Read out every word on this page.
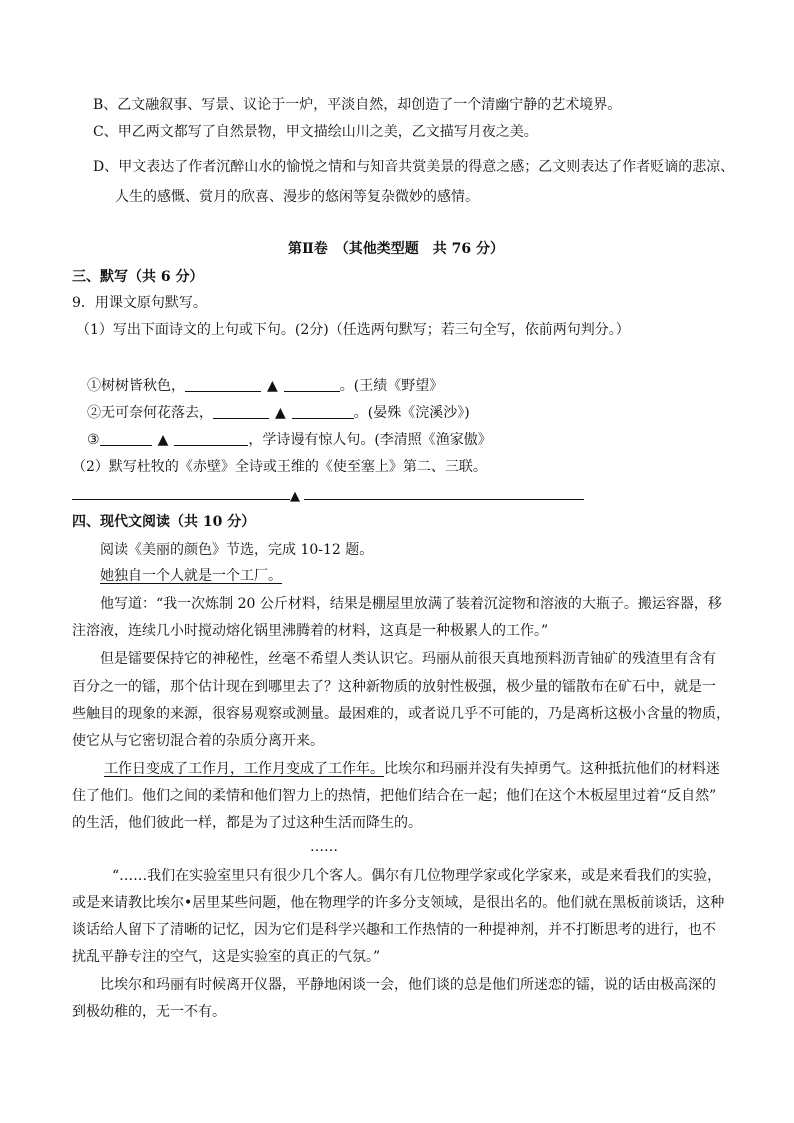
B、乙文融叙事、写景、议论于一炉，平淡自然，却创造了一个清幽宁静的艺术境界。
C、甲乙两文都写了自然景物，甲文描绘山川之美，乙文描写月夜之美。
D、甲文表达了作者沉醉山水的愉悦之情和与知音共赏美景的得意之感；乙文则表达了作者贬谪的悲凉、
人生的感慨、赏月的欣喜、漫步的悠闲等复杂微妙的感情。
第Ⅱ卷　（其他类型题　共 76 分）
三、默写（共 6 分）
9．用课文原句默写。
（1）写出下面诗文的上句或下句。(2分)（任选两句默写；若三句全写，依前两句判分。）
①树树皆秋色，	▲	。(王绩《野望》
②无可奈何花落去，	▲	。(晏殊《浣溪沙》)
③	▲	，学诗谩有惊人句。(李清照《渔家傲》
（2）默写杜牧的《赤壁》全诗或王维的《使至塞上》第二、三联。
▲
四、现代文阅读（共 10 分）
阅读《美丽的颜色》节选，完成 10-12 题。
她独自一个人就是一个工厂。
他写道：“我一次炼制 20 公斤材料，结果是棚屋里放满了装着沉淀物和溶液的大瓶子。搬运容器，移
注溶液，连续几小时搅动熔化锅里沸腾着的材料，这真是一种极累人的工作。”
但是镭要保持它的神秘性，丝毫不希望人类认识它。玛丽从前很天真地预料沥青铀矿的残渣里有含有
百分之一的镭，那个估计现在到哪里去了？这种新物质的放射性极强，极少量的镭散布在矿石中，就是一
些触目的现象的来源，很容易观察或测量。最困难的，或者说几乎不可能的，乃是离析这极小含量的物质，
使它从与它密切混合着的杂质分离开来。
工作日变成了工作月，工作月变成了工作年。比埃尔和玛丽并没有失掉勇气。这种抵抗他们的材料迷
住了他们。他们之间的柔情和他们智力上的热情，把他们结合在一起；他们在这个木板屋里过着“反自然”
的生活，他们彼此一样，都是为了过这种生活而降生的。
……
“……我们在实验室里只有很少几个客人。偶尔有几位物理学家或化学家来，或是来看我们的实验，
或是来请教比埃尔•居里某些问题，他在物理学的许多分支领域，是很出名的。他们就在黑板前谈话，这种
谈话给人留下了清晰的记忆，因为它们是科学兴趣和工作热情的一种提神剂，并不打断思考的进行，也不
扰乱平静专注的空气，这是实验室的真正的气氛。”
比埃尔和玛丽有时候离开仪器，平静地闲谈一会，他们谈的总是他们所迷恋的镭，说的话由极高深的
到极幼稚的，无一不有。
